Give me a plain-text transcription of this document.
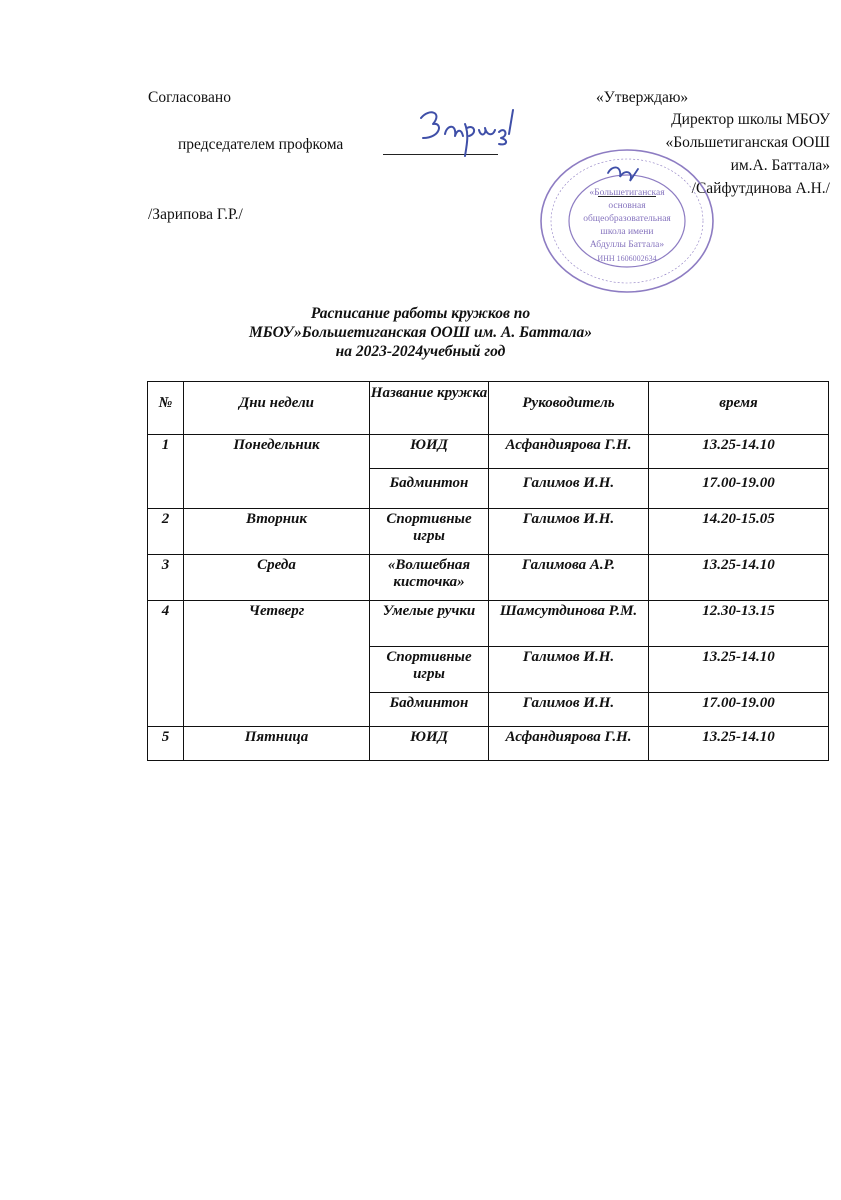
Согласовано
председателем профкома
/Зарипова Г.Р./
«Утверждаю»
Директор школы МБОУ
«Большетиганская ООШ
им.А. Баттала»
/Сайфутдинова А.Н./
«Большетиганская
основная
общеобразовательная
школа имени
Абдуллы Баттала»
ИНН 1606002634
Расписание работы кружков по
МБОУ»Большетиганская ООШ им. А. Баттала»
на 2023-2024учебный год
№	Дни недели	Название кружка	Руководитель	время
1	Понедельник	ЮИД	Асфандиярова Г.Н.	13.25-14.10
		Бадминтон	Галимов И.Н.	17.00-19.00
2	Вторник	Спортивные игры	Галимов И.Н.	14.20-15.05
3	Среда	«Волшебная кисточка»	Галимова А.Р.	13.25-14.10
4	Четверг	Умелые ручки	Шамсутдинова Р.М.	12.30-13.15
		Спортивные игры	Галимов И.Н.	13.25-14.10
		Бадминтон	Галимов И.Н.	17.00-19.00
5	Пятница	ЮИД	Асфандиярова Г.Н.	13.25-14.10
